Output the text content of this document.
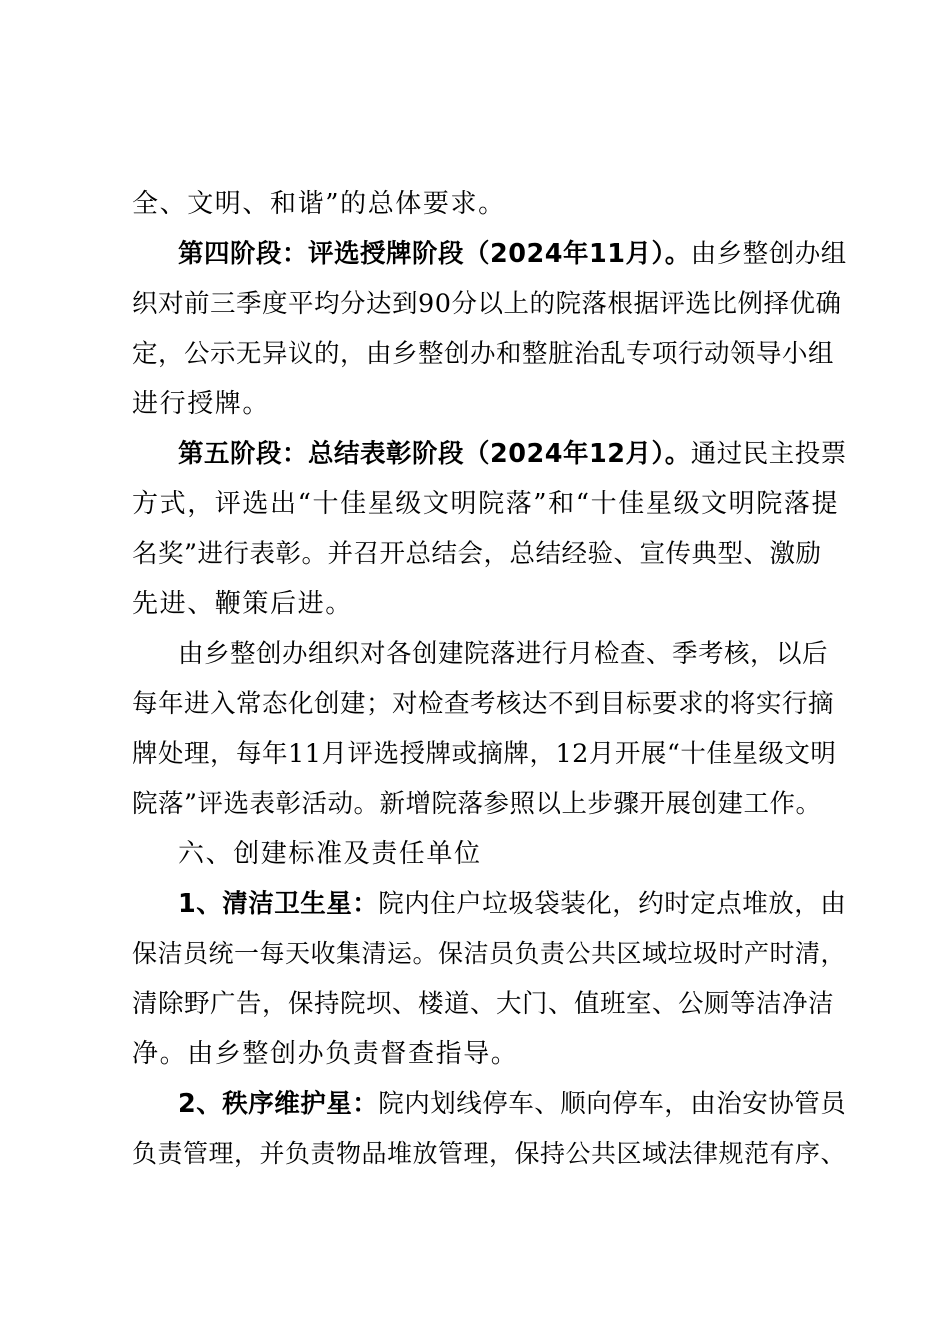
全、文明、和谐”的总体要求。
第四阶段：评选授牌阶段（2024年11月）。由乡整创办组
织对前三季度平均分达到90分以上的院落根据评选比例择优确
定，公示无异议的，由乡整创办和整脏治乱专项行动领导小组
进行授牌。
第五阶段：总结表彰阶段（2024年12月）。通过民主投票
方式，评选出“十佳星级文明院落”和“十佳星级文明院落提
名奖”进行表彰。并召开总结会，总结经验、宣传典型、激励
先进、鞭策后进。
由乡整创办组织对各创建院落进行月检查、季考核，以后
每年进入常态化创建；对检查考核达不到目标要求的将实行摘
牌处理，每年11月评选授牌或摘牌，12月开展“十佳星级文明
院落”评选表彰活动。新增院落参照以上步骤开展创建工作。
六、创建标准及责任单位
1、清洁卫生星：院内住户垃圾袋装化，约时定点堆放，由
保洁员统一每天收集清运。保洁员负责公共区域垃圾时产时清，
清除野广告，保持院坝、楼道、大门、值班室、公厕等洁净洁
净。由乡整创办负责督查指导。
2、秩序维护星：院内划线停车、顺向停车，由治安协管员
负责管理，并负责物品堆放管理，保持公共区域法律规范有序、
